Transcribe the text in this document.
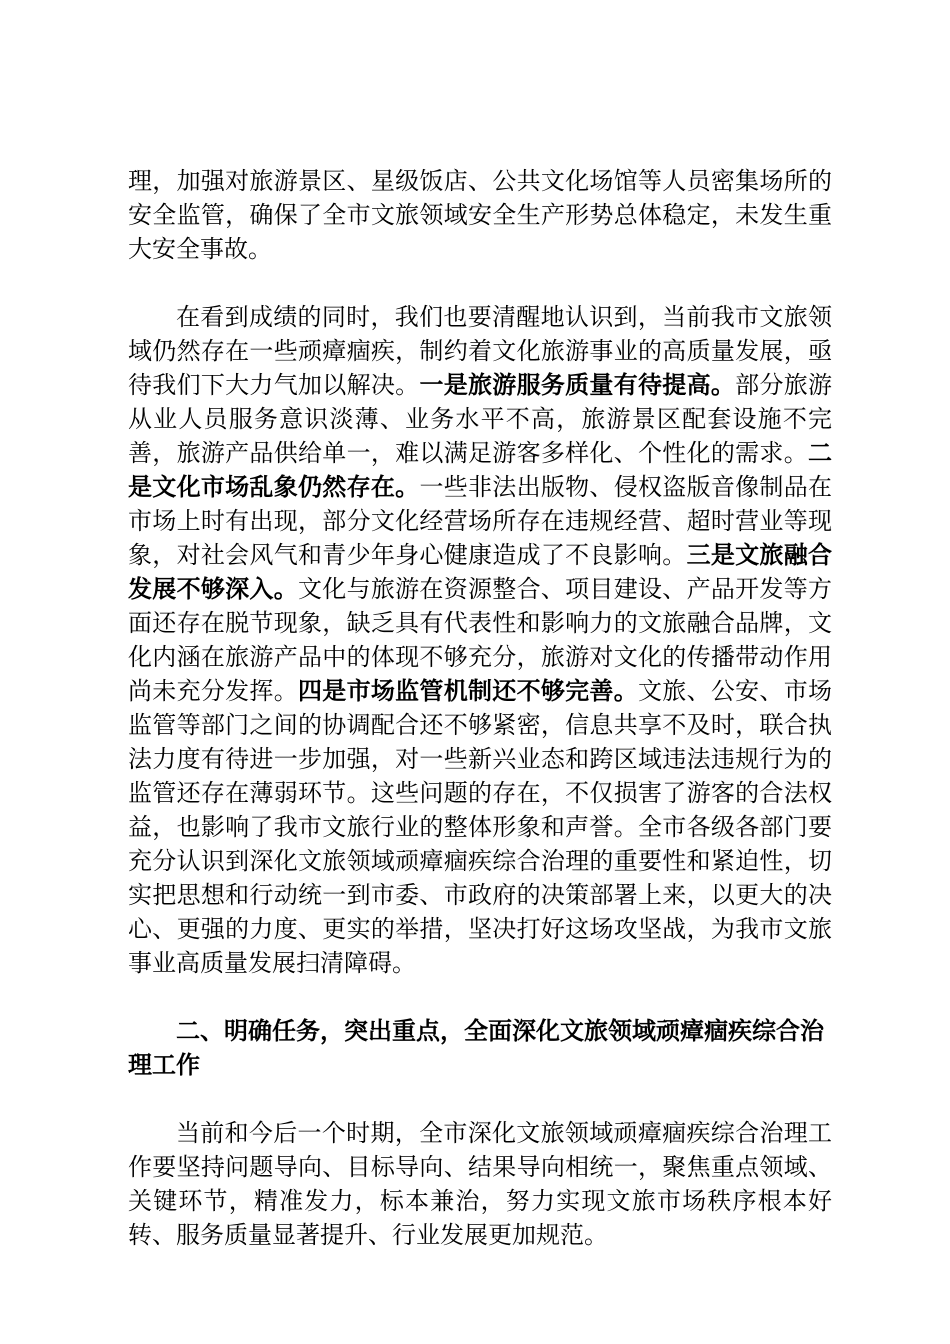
理，加强对旅游景区、星级饭店、公共文化场馆等人员密集场所的安全监管，确保了全市文旅领域安全生产形势总体稳定，未发生重大安全事故。

在看到成绩的同时，我们也要清醒地认识到，当前我市文旅领域仍然存在一些顽瘴痼疾，制约着文化旅游事业的高质量发展，亟待我们下大力气加以解决。一是旅游服务质量有待提高。部分旅游从业人员服务意识淡薄、业务水平不高，旅游景区配套设施不完善，旅游产品供给单一，难以满足游客多样化、个性化的需求。二是文化市场乱象仍然存在。一些非法出版物、侵权盗版音像制品在市场上时有出现，部分文化经营场所存在违规经营、超时营业等现象，对社会风气和青少年身心健康造成了不良影响。三是文旅融合发展不够深入。文化与旅游在资源整合、项目建设、产品开发等方面还存在脱节现象，缺乏具有代表性和影响力的文旅融合品牌，文化内涵在旅游产品中的体现不够充分，旅游对文化的传播带动作用尚未充分发挥。四是市场监管机制还不够完善。文旅、公安、市场监管等部门之间的协调配合还不够紧密，信息共享不及时，联合执法力度有待进一步加强，对一些新兴业态和跨区域违法违规行为的监管还存在薄弱环节。这些问题的存在，不仅损害了游客的合法权益，也影响了我市文旅行业的整体形象和声誉。全市各级各部门要充分认识到深化文旅领域顽瘴痼疾综合治理的重要性和紧迫性，切实把思想和行动统一到市委、市政府的决策部署上来，以更大的决心、更强的力度、更实的举措，坚决打好这场攻坚战，为我市文旅事业高质量发展扫清障碍。

二、明确任务，突出重点，全面深化文旅领域顽瘴痼疾综合治理工作

当前和今后一个时期，全市深化文旅领域顽瘴痼疾综合治理工作要坚持问题导向、目标导向、结果导向相统一，聚焦重点领域、关键环节，精准发力，标本兼治，努力实现文旅市场秩序根本好转、服务质量显著提升、行业发展更加规范。
